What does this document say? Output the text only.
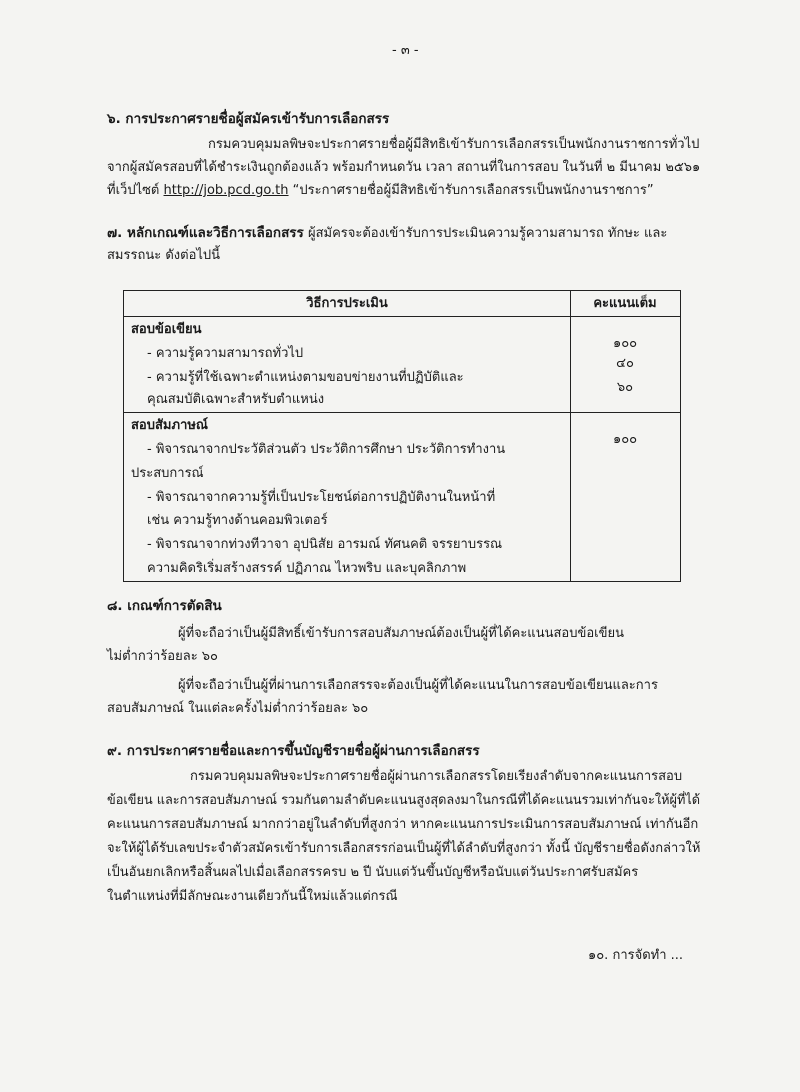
- ๓ -
๖. การประกาศรายชื่อผู้สมัครเข้ารับการเลือกสรร
กรมควบคุมมลพิษจะประกาศรายชื่อผู้มีสิทธิเข้ารับการเลือกสรรเป็นพนักงานราชการทั่วไป
จากผู้สมัครสอบที่ได้ชำระเงินถูกต้องแล้ว พร้อมกำหนดวัน เวลา สถานที่ในการสอบ ในวันที่ ๒ มีนาคม ๒๕๖๑
ที่เว็ปไซต์ http://job.pcd.go.th “ประกาศรายชื่อผู้มีสิทธิเข้ารับการเลือกสรรเป็นพนักงานราชการ”
๗. หลักเกณฑ์และวิธีการเลือกสรร ผู้สมัครจะต้องเข้ารับการประเมินความรู้ความสามารถ ทักษะ และ
สมรรถนะ ดังต่อไปนี้
วิธีการประเมิน	คะแนนเต็ม
สอบข้อเขียน
- ความรู้ความสามารถทั่วไป
- ความรู้ที่ใช้เฉพาะตำแหน่งตามขอบข่ายงานที่ปฏิบัติและ
คุณสมบัติเฉพาะสำหรับตำแหน่ง
๑๐๐
๔๐
๖๐
สอบสัมภาษณ์
- พิจารณาจากประวัติส่วนตัว ประวัติการศึกษา ประวัติการทำงาน
ประสบการณ์
- พิจารณาจากความรู้ที่เป็นประโยชน์ต่อการปฏิบัติงานในหน้าที่
เช่น ความรู้ทางด้านคอมพิวเตอร์
- พิจารณาจากท่วงทีวาจา อุปนิสัย อารมณ์ ทัศนคติ จรรยาบรรณ
ความคิดริเริ่มสร้างสรรค์ ปฏิภาณ ไหวพริบ และบุคลิกภาพ
๑๐๐
๘. เกณฑ์การตัดสิน
ผู้ที่จะถือว่าเป็นผู้มีสิทธิ์เข้ารับการสอบสัมภาษณ์ต้องเป็นผู้ที่ได้คะแนนสอบข้อเขียน
ไม่ต่ำกว่าร้อยละ ๖๐
ผู้ที่จะถือว่าเป็นผู้ที่ผ่านการเลือกสรรจะต้องเป็นผู้ที่ได้คะแนนในการสอบข้อเขียนและการ
สอบสัมภาษณ์ ในแต่ละครั้งไม่ต่ำกว่าร้อยละ ๖๐
๙. การประกาศรายชื่อและการขึ้นบัญชีรายชื่อผู้ผ่านการเลือกสรร
กรมควบคุมมลพิษจะประกาศรายชื่อผู้ผ่านการเลือกสรรโดยเรียงลำดับจากคะแนนการสอบ
ข้อเขียน และการสอบสัมภาษณ์ รวมกันตามลำดับคะแนนสูงสุดลงมาในกรณีที่ได้คะแนนรวมเท่ากันจะให้ผู้ที่ได้
คะแนนการสอบสัมภาษณ์ มากกว่าอยู่ในลำดับที่สูงกว่า หากคะแนนการประเมินการสอบสัมภาษณ์ เท่ากันอีก
จะให้ผู้ได้รับเลขประจำตัวสมัครเข้ารับการเลือกสรรก่อนเป็นผู้ที่ได้ลำดับที่สูงกว่า ทั้งนี้ บัญชีรายชื่อดังกล่าวให้
เป็นอันยกเลิกหรือสิ้นผลไปเมื่อเลือกสรรครบ ๒ ปี นับแต่วันขึ้นบัญชีหรือนับแต่วันประกาศรับสมัคร
ในตำแหน่งที่มีลักษณะงานเดียวกันนี้ใหม่แล้วแต่กรณี
๑๐. การจัดทำ ...
